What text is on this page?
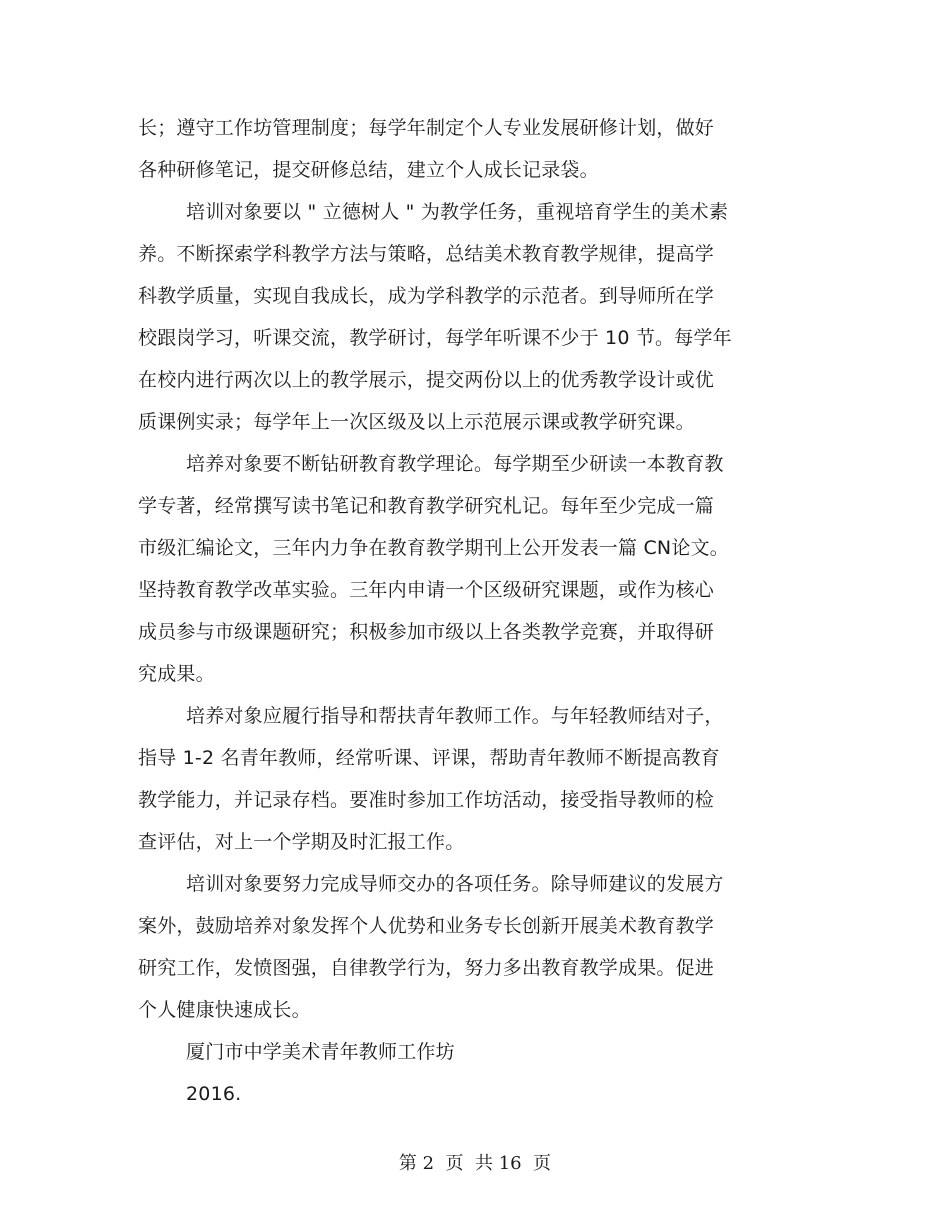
长；遵守工作坊管理制度；每学年制定个人专业发展研修计划，做好
各种研修笔记，提交研修总结，建立个人成长记录袋。
培训对象要以 " 立德树人 " 为教学任务，重视培育学生的美术素
养。不断探索学科教学方法与策略，总结美术教育教学规律，提高学
科教学质量，实现自我成长，成为学科教学的示范者。到导师所在学
校跟岗学习，听课交流，教学研讨，每学年听课不少于 10 节。每学年
在校内进行两次以上的教学展示，提交两份以上的优秀教学设计或优
质课例实录；每学年上一次区级及以上示范展示课或教学研究课。
培养对象要不断钻研教育教学理论。每学期至少研读一本教育教
学专著，经常撰写读书笔记和教育教学研究札记。每年至少完成一篇
市级汇编论文，三年内力争在教育教学期刊上公开发表一篇 CN论文。
坚持教育教学改革实验。三年内申请一个区级研究课题，或作为核心
成员参与市级课题研究；积极参加市级以上各类教学竞赛，并取得研
究成果。
培养对象应履行指导和帮扶青年教师工作。与年轻教师结对子，
指导 1-2 名青年教师，经常听课、评课，帮助青年教师不断提高教育
教学能力，并记录存档。要准时参加工作坊活动，接受指导教师的检
查评估，对上一个学期及时汇报工作。
培训对象要努力完成导师交办的各项任务。除导师建议的发展方
案外，鼓励培养对象发挥个人优势和业务专长创新开展美术教育教学
研究工作，发愤图强，自律教学行为，努力多出教育教学成果。促进
个人健康快速成长。
厦门市中学美术青年教师工作坊
2016.
第 2  页  共 16  页
